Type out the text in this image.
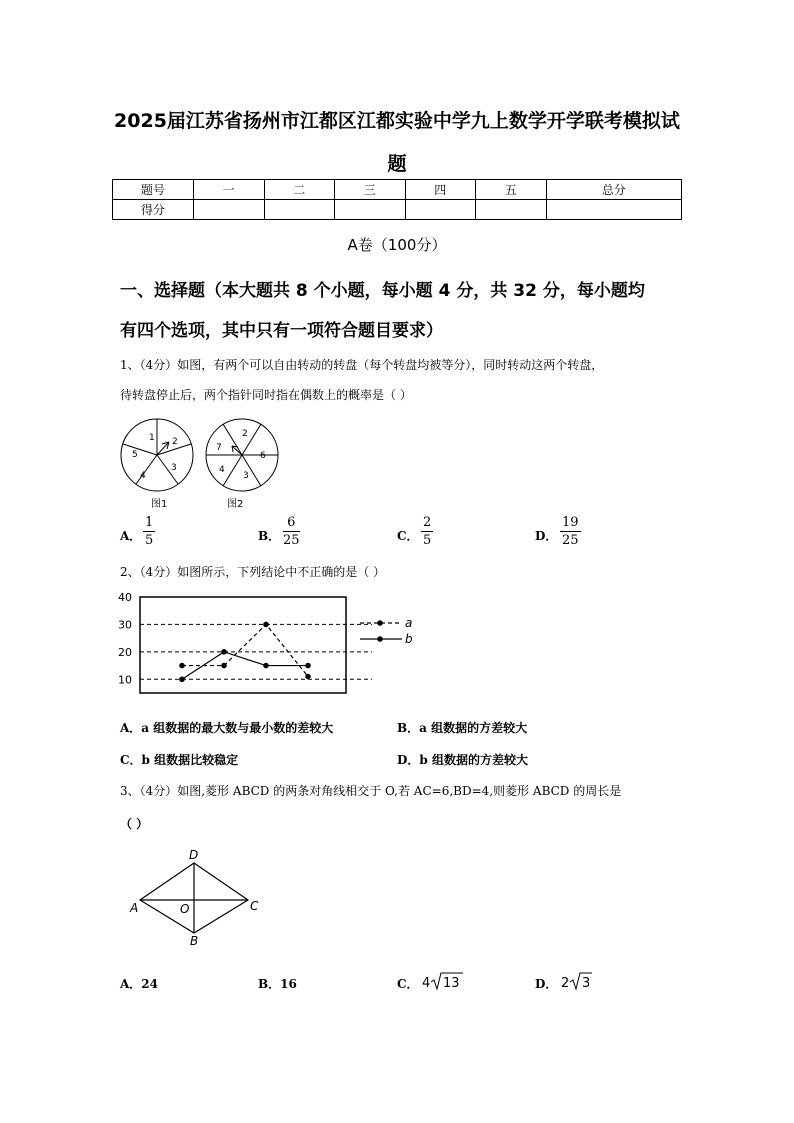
2025届江苏省扬州市江都区江都实验中学九上数学开学联考模拟试
题
题号	一	二	三	四	五	总分
得分						
A卷（100分）
一、选择题（本大题共 8 个小题，每小题 4 分，共 32 分，每小题均
有四个选项，其中只有一项符合题目要求）
1、（4分）如图，有两个可以自由转动的转盘（每个转盘均被等分），同时转动这两个转盘，
待转盘停止后，两个指针同时指在偶数上的概率是（ ）
1 2
3
4
5
图1
2
6
3
4
7
图2
A． $\frac{1}{5}$	B． $\frac{6}{25}$	C． $\frac{2}{5}$	D． $\frac{19}{25}$
2、（4分）如图所示，下列结论中不正确的是（ ）
40
30
20
10
a
b
A．a 组数据的最大数与最小数的差较大	B．a 组数据的方差较大
C．b 组数据比较稳定	D．b 组数据的方差较大
3、（4分）如图,菱形 ABCD 的两条对角线相交于 O,若 AC=6,BD=4,则菱形 ABCD 的周长是
（ ）
D
A	O	C
B
A．24	B．16	C． 4 13	D． 2 3
